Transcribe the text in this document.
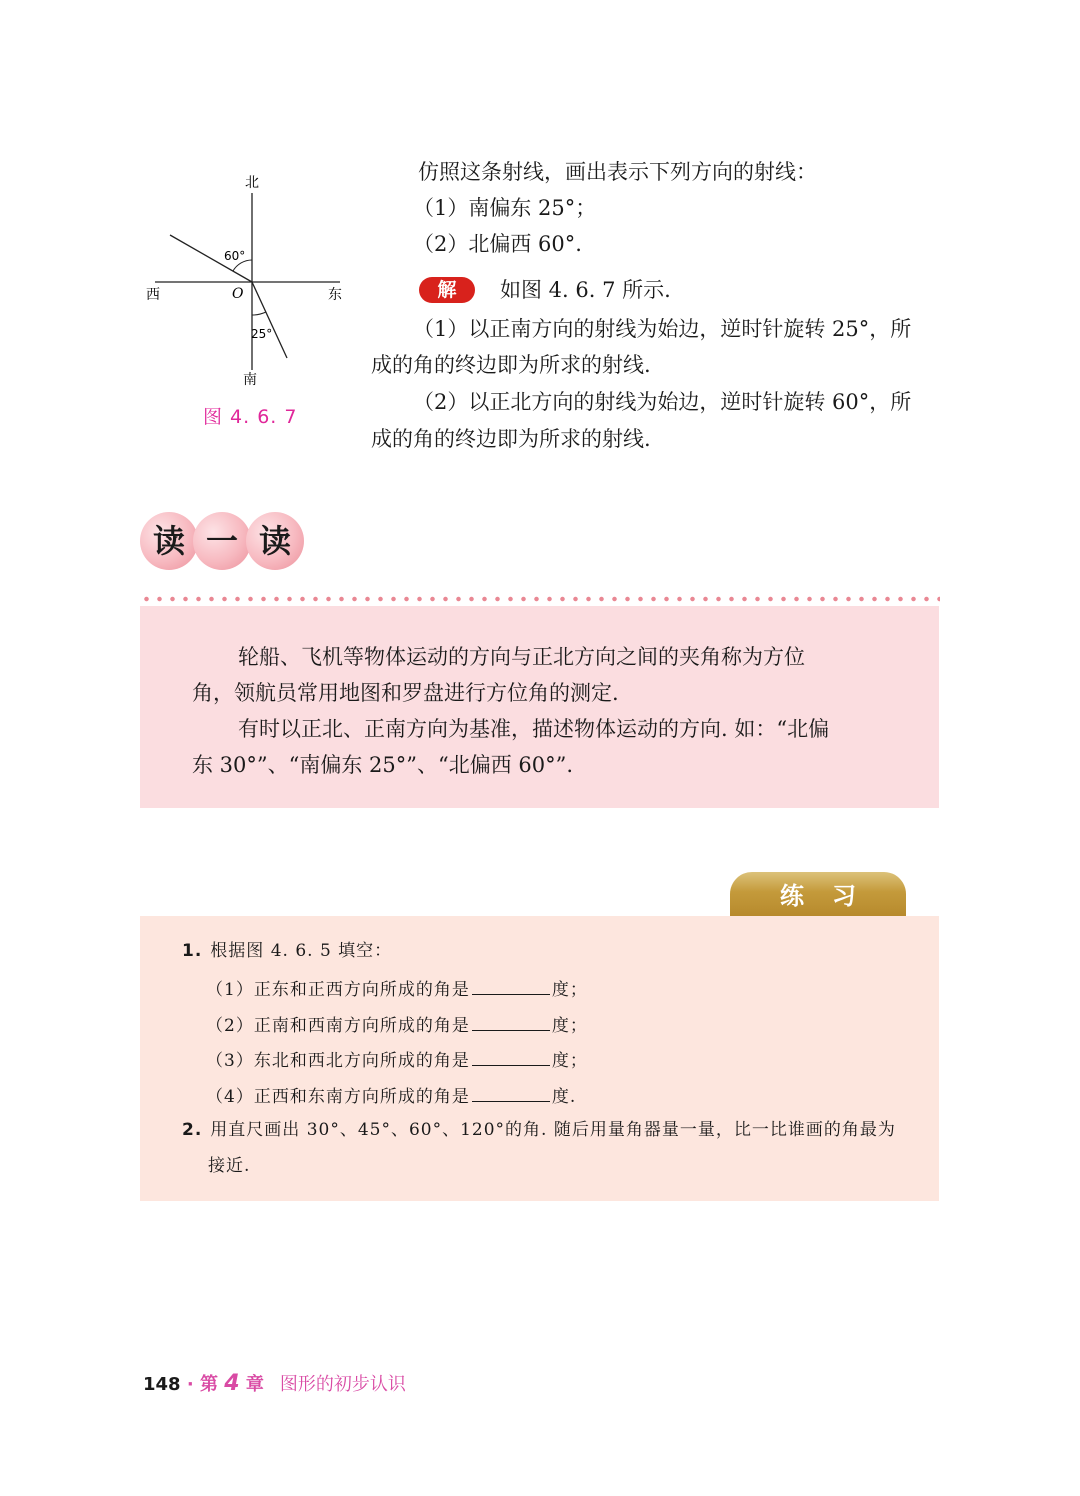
北
南
西	东
O
60°
25°
图 4. 6. 7
仿照这条射线，画出表示下列方向的射线：
（1）南偏东 25°；
（2）北偏西 60°.
解	如图 4. 6. 7 所示.
（1）以正南方向的射线为始边，逆时针旋转 25°，所
成的角的终边即为所求的射线.
（2）以正北方向的射线为始边，逆时针旋转 60°，所
成的角的终边即为所求的射线.
读 一 读
轮船、飞机等物体运动的方向与正北方向之间的夹角称为方位
角，领航员常用地图和罗盘进行方位角的测定.
有时以正北、正南方向为基准，描述物体运动的方向. 如：“北偏
东 30°”、“南偏东 25°”、“北偏西 60°”.
练习
1. 根据图 4. 6. 5 填空：
（1）正东和正西方向所成的角是	度；
（2）正南和西南方向所成的角是	度；
（3）东北和西北方向所成的角是	度；
（4）正西和东南方向所成的角是	度.
2. 用直尺画出 30°、45°、60°、120°的角. 随后用量角器量一量，比一比谁画的角最为
接近.
148 · 第 4 章 图形的初步认识
